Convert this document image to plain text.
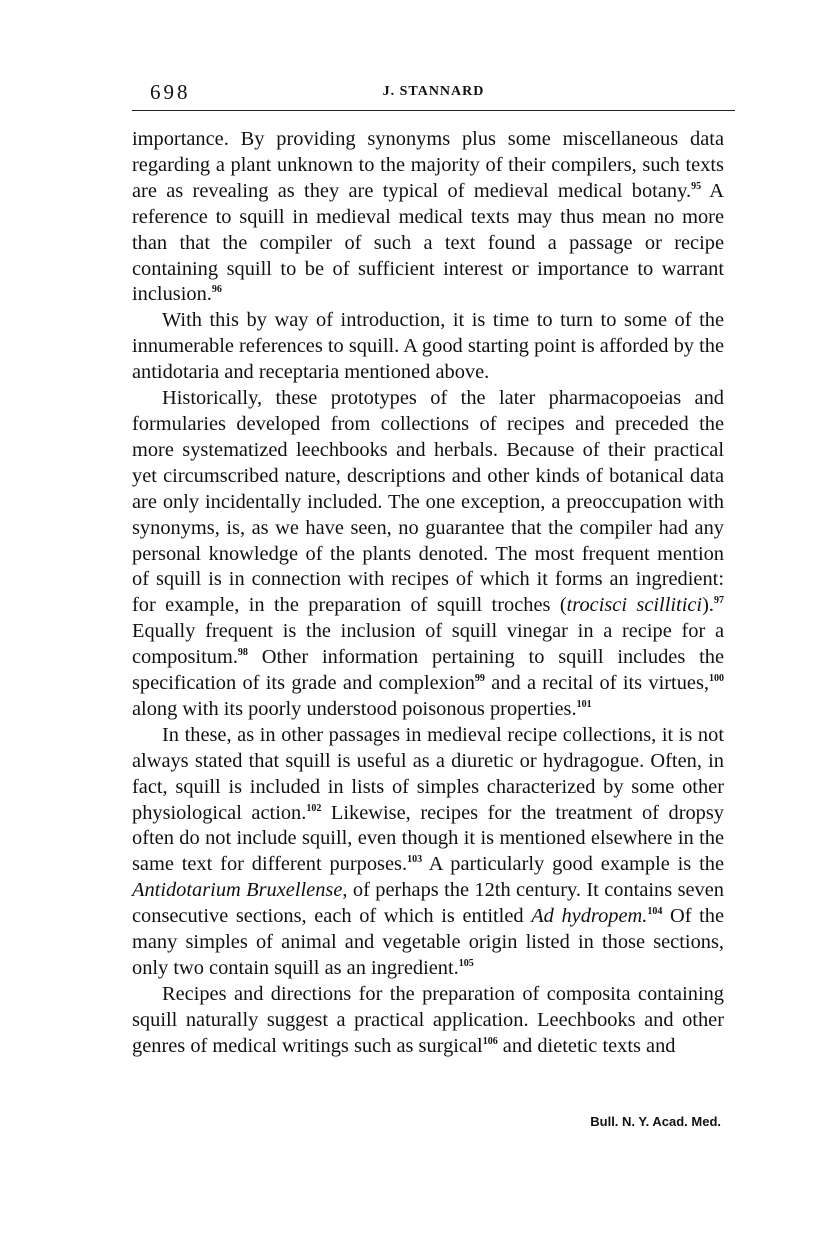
698	J. STANNARD

importance. By providing synonyms plus some miscellaneous data regarding a plant unknown to the majority of their compilers, such texts are as revealing as they are typical of medieval medical botany.$^{95}$ A reference to squill in medieval medical texts may thus mean no more than that the compiler of such a text found a passage or recipe containing squill to be of sufficient interest or importance to warrant inclusion.$^{96}$

With this by way of introduction, it is time to turn to some of the innumerable references to squill. A good starting point is afforded by the antidotaria and receptaria mentioned above.

Historically, these prototypes of the later pharmacopoeias and formularies developed from collections of recipes and preceded the more systematized leechbooks and herbals. Because of their practical yet circumscribed nature, descriptions and other kinds of botanical data are only incidentally included. The one exception, a preoccupation with synonyms, is, as we have seen, no guarantee that the compiler had any personal knowledge of the plants denoted. The most frequent mention of squill is in connection with recipes of which it forms an ingredient: for example, in the preparation of squill troches (trocisci scillitici).$^{97}$ Equally frequent is the inclusion of squill vinegar in a recipe for a compositum.$^{98}$ Other information pertaining to squill includes the specification of its grade and complexion$^{99}$ and a recital of its virtues,$^{100}$ along with its poorly understood poisonous properties.$^{101}$

In these, as in other passages in medieval recipe collections, it is not always stated that squill is useful as a diuretic or hydragogue. Often, in fact, squill is included in lists of simples characterized by some other physiological action.$^{102}$ Likewise, recipes for the treatment of dropsy often do not include squill, even though it is mentioned elsewhere in the same text for different purposes.$^{103}$ A particularly good example is the Antidotarium Bruxellense, of perhaps the 12th century. It contains seven consecutive sections, each of which is entitled Ad hydropem.$^{104}$ Of the many simples of animal and vegetable origin listed in those sections, only two contain squill as an ingredient.$^{105}$

Recipes and directions for the preparation of composita containing squill naturally suggest a practical application. Leechbooks and other genres of medical writings such as surgical$^{106}$ and dietetic texts and

Bull. N. Y. Acad. Med.
